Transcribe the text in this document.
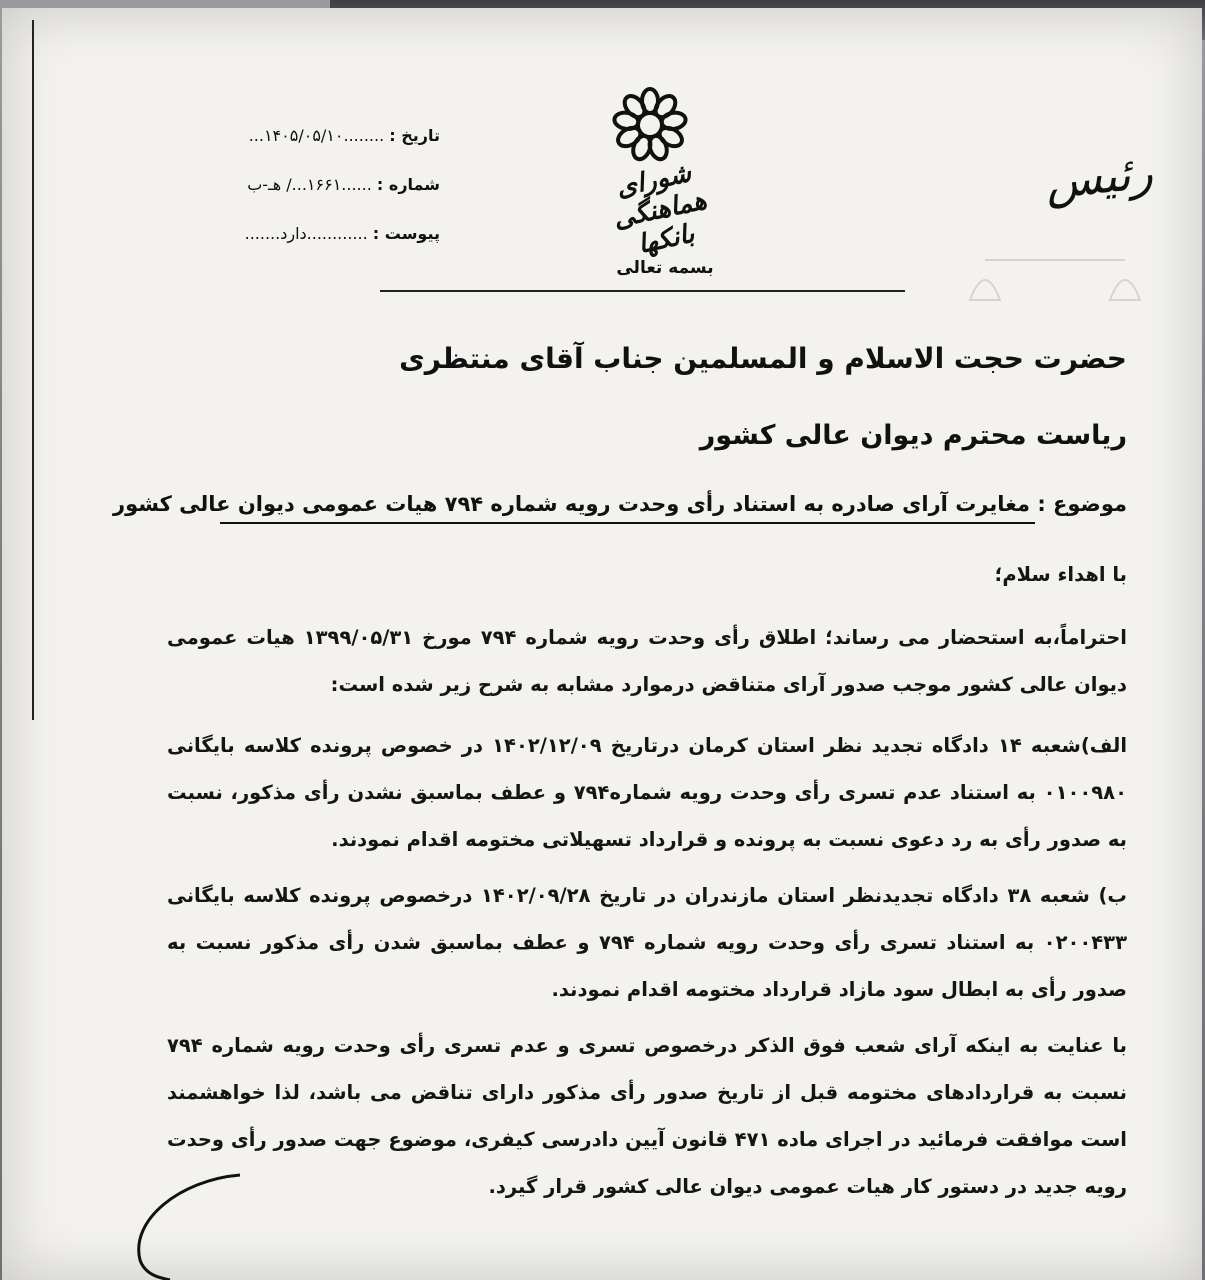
شورای هماهنگی بانکها
بسمه تعالی
تاریخ : ........۱۴۰۵/۰۵/۱۰...
شماره : ......۱۶۶۱.../ هـ-ب
پیوست : ............دارد.......
رئیس
حضرت حجت الاسلام و المسلمین جناب آقای منتظری
ریاست محترم دیوان عالی کشور
موضوع : مغایرت آرای صادره به استناد رأی وحدت رویه شماره ۷۹۴ هیات عمومی دیوان عالی کشور
با اهداء سلام؛
احتراماً،به استحضار می رساند؛ اطلاق رأی وحدت رویه شماره ۷۹۴ مورخ ۱۳۹۹/۰۵/۳۱ هیات عمومی دیوان عالی کشور موجب صدور آرای متناقض درموارد مشابه به شرح زیر شده است:
الف)شعبه ۱۴ دادگاه تجدید نظر استان کرمان درتاریخ ۱۴۰۲/۱۲/۰۹ در خصوص پرونده کلاسه بایگانی ۰۱۰۰۹۸۰ به استناد عدم تسری رأی وحدت رویه شماره۷۹۴ و عطف بماسبق نشدن رأی مذکور، نسبت به صدور رأی به رد دعوی نسبت به پرونده و قرارداد تسهیلاتی مختومه اقدام نمودند.
ب) شعبه ۳۸ دادگاه تجدیدنظر استان مازندران در تاریخ ۱۴۰۲/۰۹/۲۸ درخصوص پرونده کلاسه بایگانی ۰۲۰۰۴۳۳ به استناد تسری رأی وحدت رویه شماره ۷۹۴ و عطف بماسبق شدن رأی مذکور نسبت به صدور رأی به ابطال سود مازاد قرارداد مختومه اقدام نمودند.
با عنایت به اینکه آرای شعب فوق الذکر درخصوص تسری و عدم تسری رأی وحدت رویه شماره ۷۹۴ نسبت به قراردادهای مختومه قبل از تاریخ صدور رأی مذکور دارای تناقض می باشد، لذا خواهشمند است موافقت فرمائید در اجرای ماده ۴۷۱ قانون آیین دادرسی کیفری، موضوع جهت صدور رأی وحدت رویه جدید در دستور کار هیات عمومی دیوان عالی کشور قرار گیرد.
